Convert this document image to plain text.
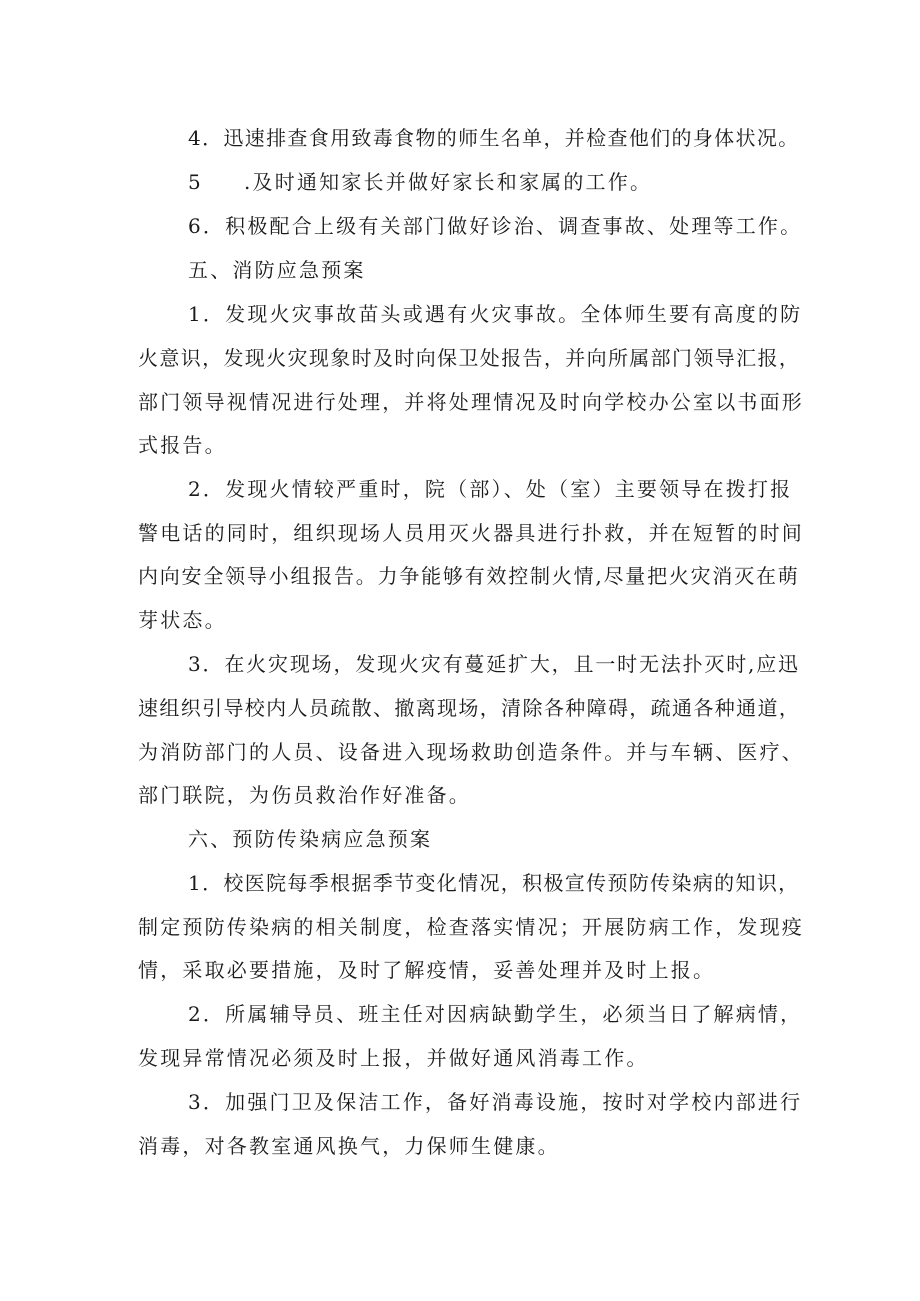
4．迅速排查食用致毒食物的师生名单，并检查他们的身体状况。
5 .及时通知家长并做好家长和家属的工作。
6．积极配合上级有关部门做好诊治、调查事故、处理等工作。
五、消防应急预案
1．发现火灾事故苗头或遇有火灾事故。全体师生要有高度的防
火意识，发现火灾现象时及时向保卫处报告，并向所属部门领导汇报，
部门领导视情况进行处理，并将处理情况及时向学校办公室以书面形
式报告。
2．发现火情较严重时，院（部）、处（室）主要领导在拨打报
警电话的同时，组织现场人员用灭火器具进行扑救，并在短暂的时间
内向安全领导小组报告。力争能够有效控制火情,尽量把火灾消灭在萌
芽状态。
3．在火灾现场，发现火灾有蔓延扩大，且一时无法扑灭时,应迅
速组织引导校内人员疏散、撤离现场，清除各种障碍，疏通各种通道，
为消防部门的人员、设备进入现场救助创造条件。并与车辆、医疗、
部门联院，为伤员救治作好准备。
六、预防传染病应急预案
1．校医院每季根据季节变化情况，积极宣传预防传染病的知识，
制定预防传染病的相关制度，检查落实情况；开展防病工作，发现疫
情，采取必要措施，及时了解疫情，妥善处理并及时上报。
2．所属辅导员、班主任对因病缺勤学生，必须当日了解病情，
发现异常情况必须及时上报，并做好通风消毒工作。
3．加强门卫及保洁工作，备好消毒设施，按时对学校内部进行
消毒，对各教室通风换气，力保师生健康。
